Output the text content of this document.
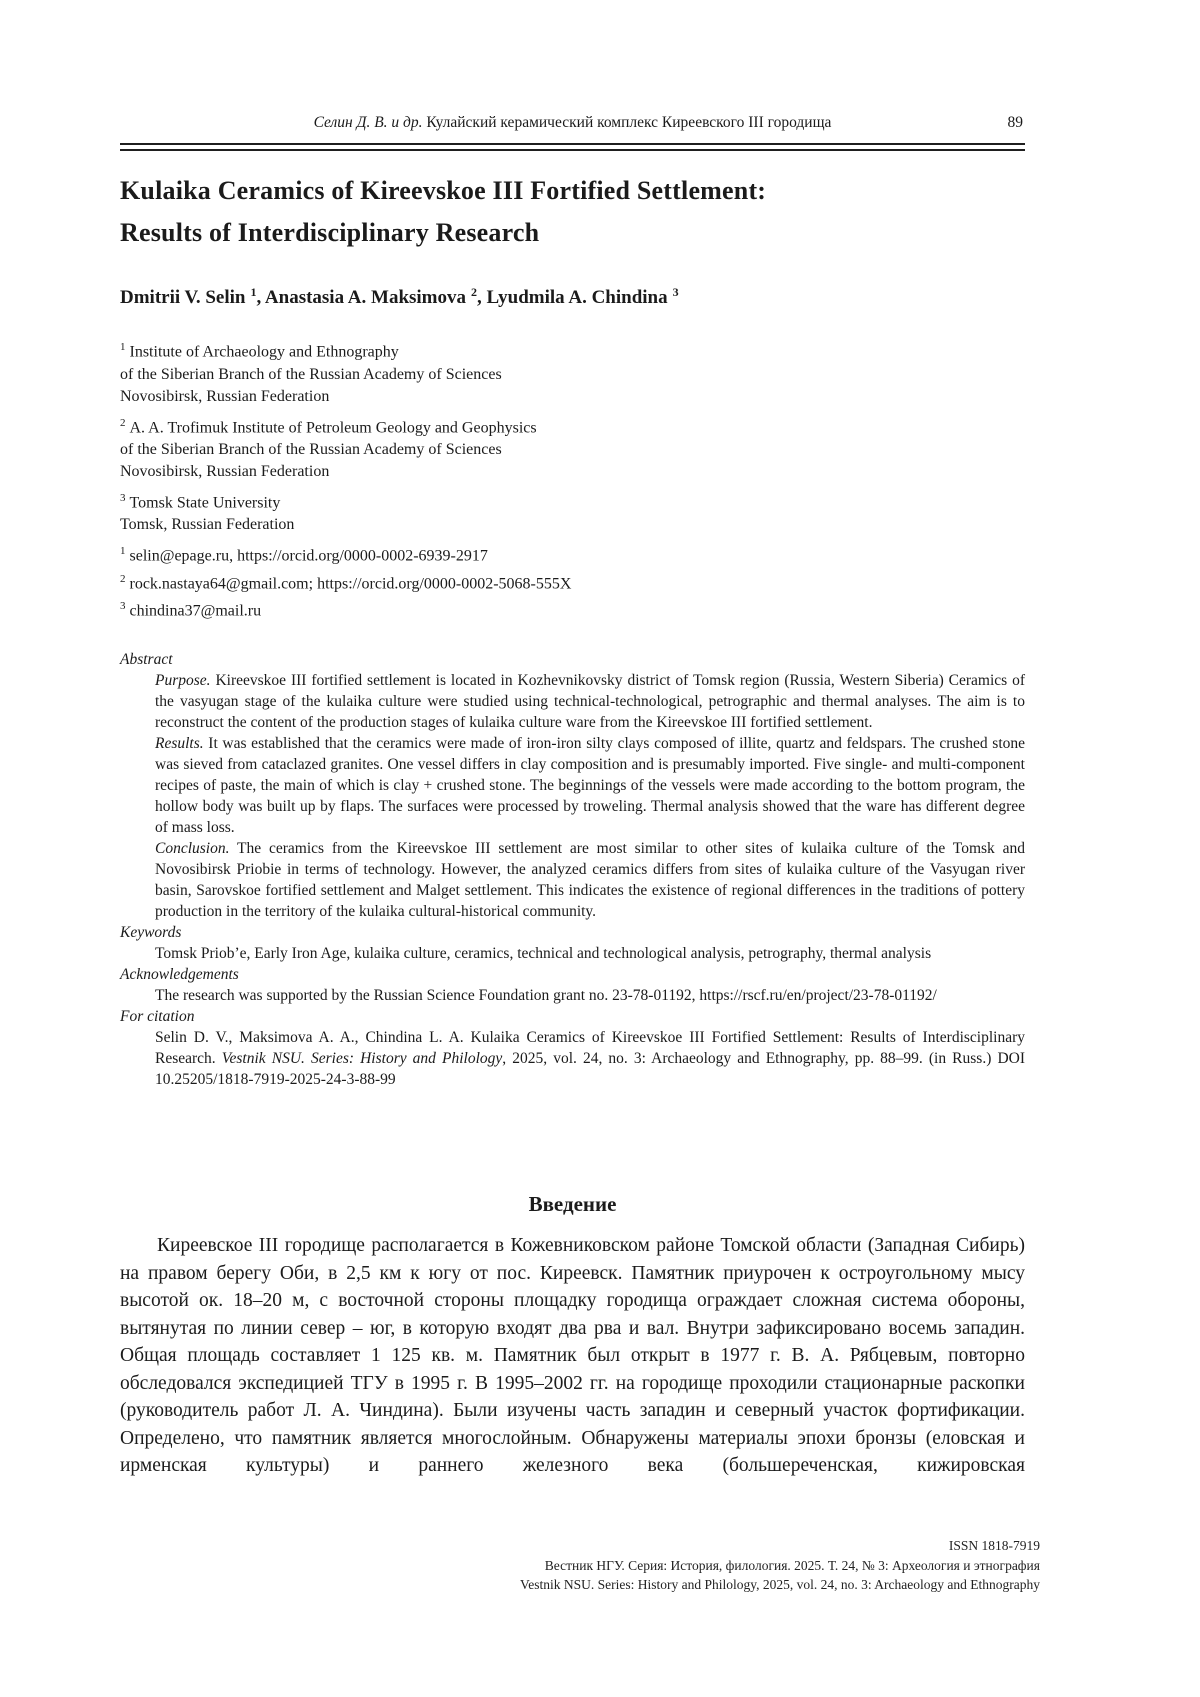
Селин Д. В. и др. Кулайский керамический комплекс Киреевского III городища	89
Kulaika Ceramics of Kireevskoe III Fortified Settlement:
Results of Interdisciplinary Research
Dmitrii V. Selin $^1$, Anastasia A. Maksimova $^2$, Lyudmila A. Chindina $^3$
$^1$ Institute of Archaeology and Ethnography
of the Siberian Branch of the Russian Academy of Sciences
Novosibirsk, Russian Federation
$^2$ A. A. Trofimuk Institute of Petroleum Geology and Geophysics
of the Siberian Branch of the Russian Academy of Sciences
Novosibirsk, Russian Federation
$^3$ Tomsk State University
Tomsk, Russian Federation
$^1$ selin@epage.ru, https://orcid.org/0000-0002-6939-2917
$^2$ rock.nastaya64@gmail.com; https://orcid.org/0000-0002-5068-555X
$^3$ chindina37@mail.ru
Abstract

Purpose. Kireevskoe III fortified settlement is located in Kozhevnikovsky district of Tomsk region (Russia, Western Siberia) Ceramics of the vasyugan stage of the kulaika culture were studied using technical-technological, petrographic and thermal analyses. The aim is to reconstruct the content of the production stages of kulaika culture ware from the Kireevskoe III fortified settlement.

Results. It was established that the ceramics were made of iron-iron silty clays composed of illite, quartz and feldspars. The crushed stone was sieved from cataclazed granites. One vessel differs in clay composition and is presumably imported. Five single- and multi-component recipes of paste, the main of which is clay + crushed stone. The beginnings of the vessels were made according to the bottom program, the hollow body was built up by flaps. The surfaces were processed by troweling. Thermal analysis showed that the ware has different degree of mass loss.

Conclusion. The ceramics from the Kireevskoe III settlement are most similar to other sites of kulaika culture of the Tomsk and Novosibirsk Priobie in terms of technology. However, the analyzed ceramics differs from sites of kulaika culture of the Vasyugan river basin, Sarovskoe fortified settlement and Malget settlement. This indicates the existence of regional differences in the traditions of pottery production in the territory of the kulaika cultural-historical community.

Keywords

Tomsk Priob’e, Early Iron Age, kulaika culture, ceramics, technical and technological analysis, petrography, thermal analysis

Acknowledgements

The research was supported by the Russian Science Foundation grant no. 23-78-01192, https://rscf.ru/en/project/23-78-01192/

For citation

Selin D. V., Maksimova A. A., Chindina L. A. Kulaika Ceramics of Kireevskoe III Fortified Settlement: Results of Interdisciplinary Research. Vestnik NSU. Series: History and Philology, 2025, vol. 24, no. 3: Archaeology and Ethnography, pp. 88–99. (in Russ.) DOI 10.25205/1818-7919-2025-24-3-88-99

Введение

Киреевское III городище располагается в Кожевниковском районе Томской области (Западная Сибирь) на правом берегу Оби, в 2,5 км к югу от пос. Киреевск. Памятник приурочен к остроугольному мысу высотой ок. 18–20 м, с восточной стороны площадку городища ограждает сложная система обороны, вытянутая по линии север – юг, в которую входят два рва и вал. Внутри зафиксировано восемь западин. Общая площадь составляет 1 125 кв. м. Памятник был открыт в 1977 г. В. А. Рябцевым, повторно обследовался экспедицией ТГУ в 1995 г. В 1995–2002 гг. на городище проходили стационарные раскопки (руководитель работ Л. А. Чиндина). Были изучены часть западин и северный участок фортификации. Определено, что памятник является многослойным. Обнаружены материалы эпохи бронзы (еловская и ирменская культуры) и раннего железного века (большереченская, кижировская

ISSN 1818-7919
Вестник НГУ. Серия: История, филология. 2025. Т. 24, № 3: Археология и этнография
Vestnik NSU. Series: History and Philology, 2025, vol. 24, no. 3: Archaeology and Ethnography
